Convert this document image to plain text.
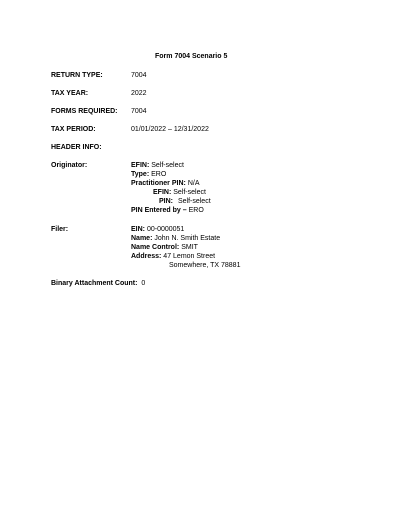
Form 7004 Scenario 5
RETURN TYPE:	7004
TAX YEAR:	2022
FORMS REQUIRED: 7004
TAX PERIOD:	01/01/2022 – 12/31/2022
HEADER INFO:
Originator:	EFIN: Self-select
Type: ERO
Practitioner PIN: N/A
EFIN: Self-select
PIN: Self-select
PIN Entered by – ERO
Filer:	EIN: 00-0000051
Name: John N. Smith Estate
Name Control: SMIT
Address: 47 Lemon Street
Somewhere, TX 78881
Binary Attachment Count: 0
